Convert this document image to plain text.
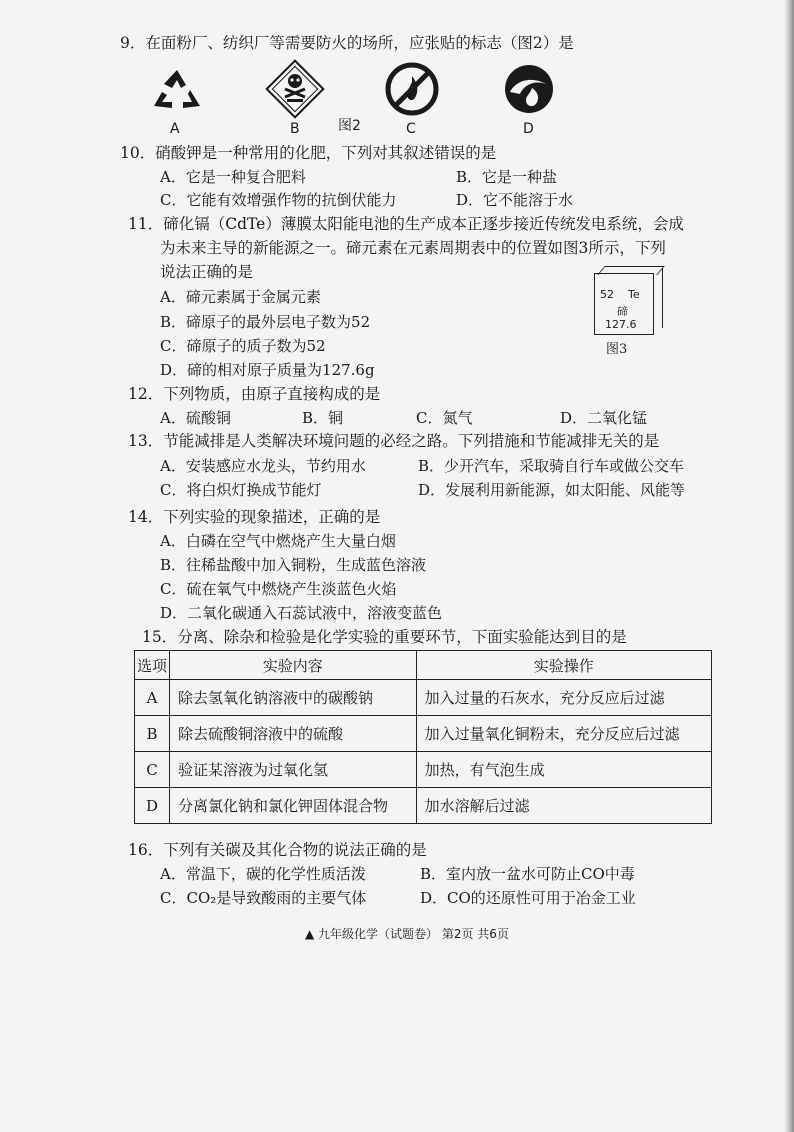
9．在面粉厂、纺织厂等需要防火的场所，应张贴的标志（图2）是
A	B	图2	C	D
10．硝酸钾是一种常用的化肥，下列对其叙述错误的是
A．它是一种复合肥料	B．它是一种盐
C．它能有效增强作物的抗倒伏能力	D．它不能溶于水
11．碲化镉（CdTe）薄膜太阳能电池的生产成本正逐步接近传统发电系统，会成
为未来主导的新能源之一。碲元素在元素周期表中的位置如图3所示，下列
说法正确的是
A．碲元素属于金属元素
B．碲原子的最外层电子数为52
C．碲原子的质子数为52
D．碲的相对原子质量为127.6g
52 Te
碲
127.6
图3
12．下列物质，由原子直接构成的是
A．硫酸铜	B．铜	C．氮气	D．二氧化锰
13．节能减排是人类解决环境问题的必经之路。下列措施和节能减排无关的是
A．安装感应水龙头，节约用水	B．少开汽车，采取骑自行车或做公交车
C．将白炽灯换成节能灯	D．发展利用新能源，如太阳能、风能等
14．下列实验的现象描述，正确的是
A．白磷在空气中燃烧产生大量白烟
B．往稀盐酸中加入铜粉，生成蓝色溶液
C．硫在氧气中燃烧产生淡蓝色火焰
D．二氧化碳通入石蕊试液中，溶液变蓝色
15．分离、除杂和检验是化学实验的重要环节，下面实验能达到目的是
选项	实验内容	实验操作
A	除去氢氧化钠溶液中的碳酸钠	加入过量的石灰水，充分反应后过滤
B	除去硫酸铜溶液中的硫酸	加入过量氧化铜粉末，充分反应后过滤
C	验证某溶液为过氧化氢	加热，有气泡生成
D	分离氯化钠和氯化钾固体混合物	加水溶解后过滤
16．下列有关碳及其化合物的说法正确的是
A．常温下，碳的化学性质活泼	B．室内放一盆水可防止CO中毒
C．CO₂是导致酸雨的主要气体	D．CO的还原性可用于冶金工业
▲ 九年级化学（试题卷） 第2页 共6页
